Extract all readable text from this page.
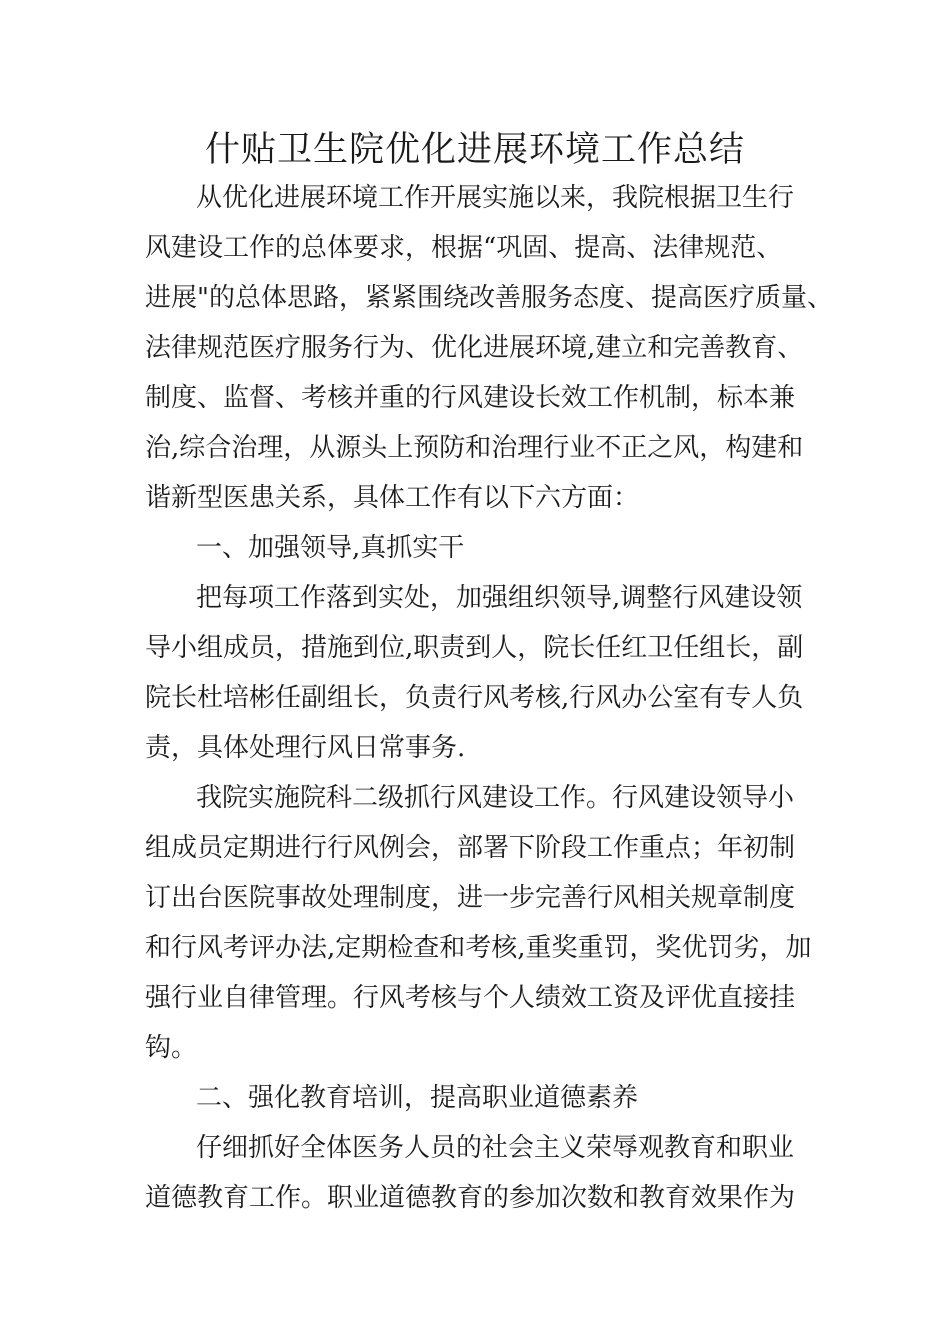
什贴卫生院优化进展环境工作总结
从优化进展环境工作开展实施以来，我院根据卫生行
风建设工作的总体要求，根据“巩固、提高、法律规范、
进展"的总体思路，紧紧围绕改善服务态度、提高医疗质量、
法律规范医疗服务行为、优化进展环境,建立和完善教育、
制度、监督、考核并重的行风建设长效工作机制，标本兼
治,综合治理，从源头上预防和治理行业不正之风，构建和
谐新型医患关系，具体工作有以下六方面：
一、加强领导,真抓实干
把每项工作落到实处，加强组织领导,调整行风建设领
导小组成员，措施到位,职责到人，院长任红卫任组长，副
院长杜培彬任副组长，负责行风考核,行风办公室有专人负
责，具体处理行风日常事务.
我院实施院科二级抓行风建设工作。行风建设领导小
组成员定期进行行风例会，部署下阶段工作重点；年初制
订出台医院事故处理制度，进一步完善行风相关规章制度
和行风考评办法,定期检查和考核,重奖重罚，奖优罚劣，加
强行业自律管理。行风考核与个人绩效工资及评优直接挂
钩。
二、强化教育培训，提高职业道德素养
仔细抓好全体医务人员的社会主义荣辱观教育和职业
道德教育工作。职业道德教育的参加次数和教育效果作为
